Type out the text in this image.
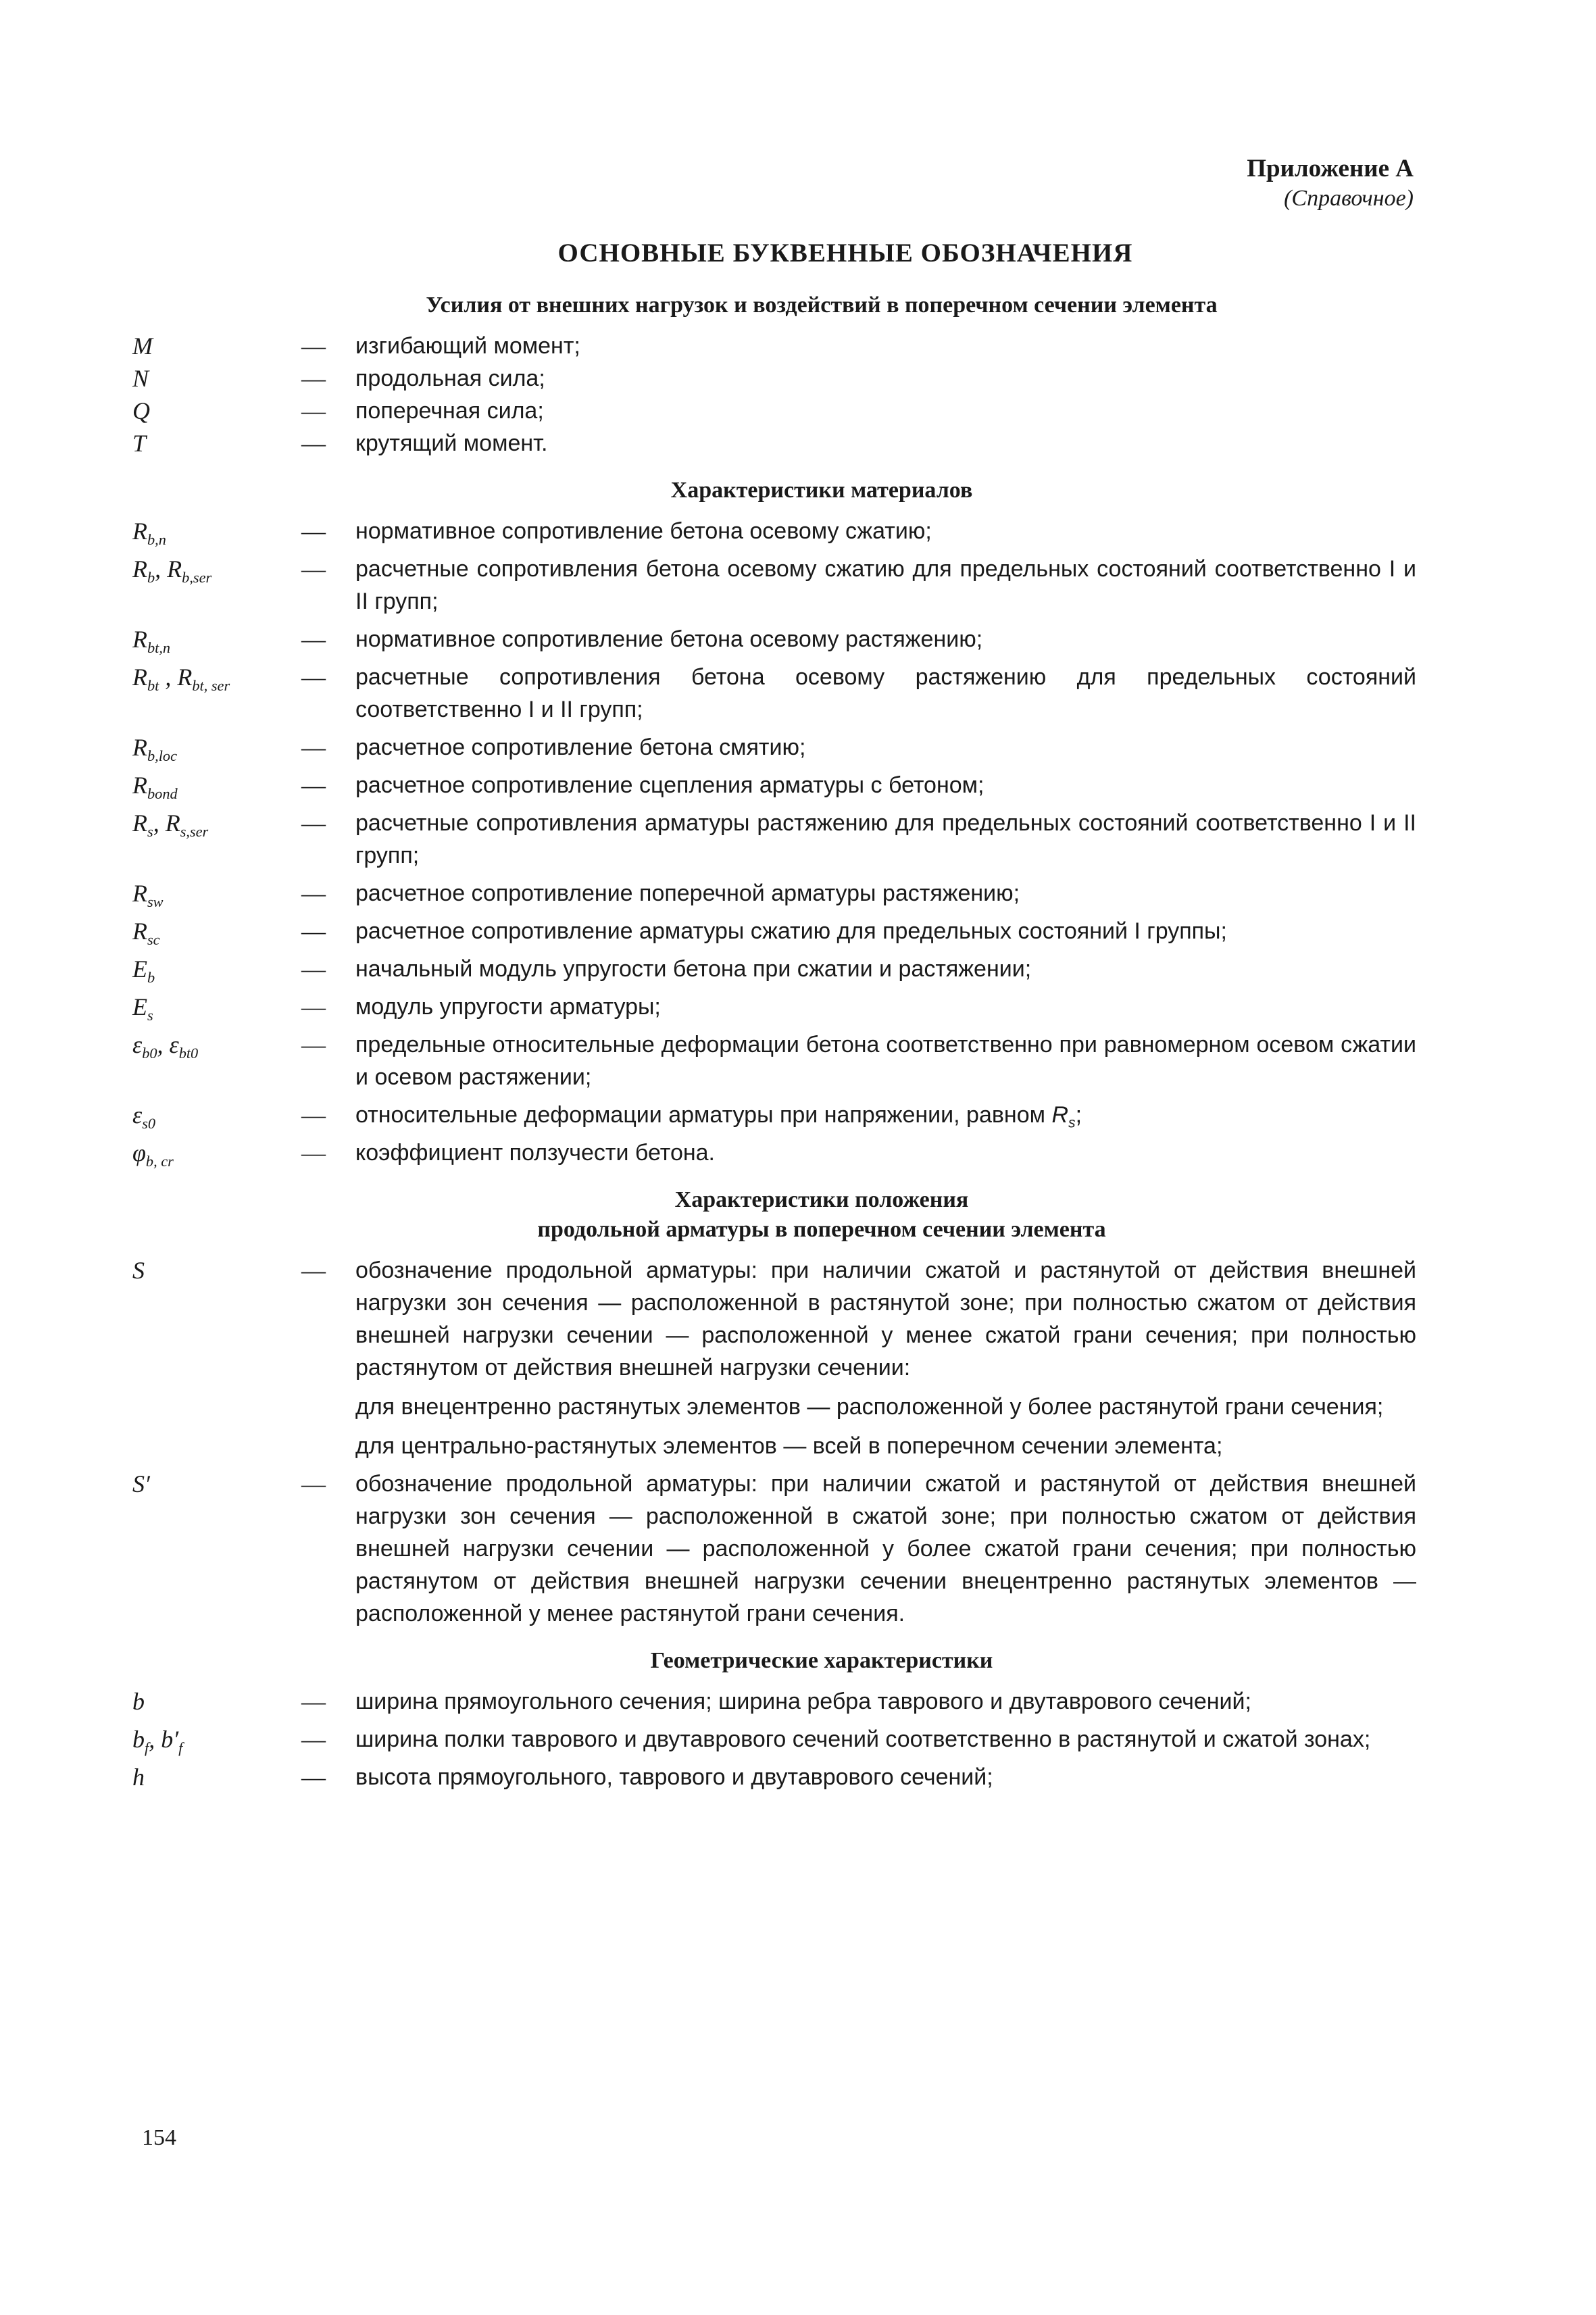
Приложение А
(Справочное)
ОСНОВНЫЕ БУКВЕННЫЕ ОБОЗНАЧЕНИЯ
Усилия от внешних нагрузок и воздействий в поперечном сечении элемента
M	—	изгибающий момент;
N	—	продольная сила;
Q	—	поперечная сила;
T	—	крутящий момент.
Характеристики материалов
$R_{b,n}$	—	нормативное сопротивление бетона осевому сжатию;
$R_b$, $R_{b,ser}$	—	расчетные сопротивления бетона осевому сжатию для предельных состояний соответственно I и II групп;
$R_{bt,n}$	—	нормативное сопротивление бетона осевому растяжению;
$R_{bt}$ , $R_{bt, ser}$	—	расчетные сопротивления бетона осевому растяжению для предельных состояний соответственно I и II групп;
$R_{b,loc}$	—	расчетное сопротивление бетона смятию;
$R_{bond}$	—	расчетное сопротивление сцепления арматуры с бетоном;
$R_s$, $R_{s,ser}$	—	расчетные сопротивления арматуры растяжению для предельных состояний соответственно I и II групп;
$R_{sw}$	—	расчетное сопротивление поперечной арматуры растяжению;
$R_{sc}$	—	расчетное сопротивление арматуры сжатию для предельных состояний I группы;
$E_b$	—	начальный модуль упругости бетона при сжатии и растяжении;
$E_s$	—	модуль упругости арматуры;
$\varepsilon_{b0}$, $\varepsilon_{bt0}$	—	предельные относительные деформации бетона соответственно при равномерном осевом сжатии и осевом растяжении;
$\varepsilon_{s0}$	—	относительные деформации арматуры при напряжении, равном $R_s$;
$\varphi_{b, cr}$	—	коэффициент ползучести бетона.
Характеристики положения
продольной арматуры в поперечном сечении элемента
S	—	обозначение продольной арматуры: при наличии сжатой и растянутой от действия внешней нагрузки зон сечения — расположенной в растянутой зоне; при полностью сжатом от действия внешней нагрузки сечении — расположенной у менее сжатой грани сечения; при полностью растянутом от действия внешней нагрузки сечении:
для внецентренно растянутых элементов — расположенной у более растянутой грани сечения;
для центрально-растянутых элементов — всей в поперечном сечении элемента;
S′	—	обозначение продольной арматуры: при наличии сжатой и растянутой от действия внешней нагрузки зон сечения — расположенной в сжатой зоне; при полностью сжатом от действия внешней нагрузки сечении — расположенной у более сжатой грани сечения; при полностью растянутом от действия внешней нагрузки сечении внецентренно растянутых элементов — расположенной у менее растянутой грани сечения.
Геометрические характеристики
b	—	ширина прямоугольного сечения; ширина ребра таврового и двутаврового сечений;
$b_f$, $b'_f$	—	ширина полки таврового и двутаврового сечений соответственно в растянутой и сжатой зонах;
h	—	высота прямоугольного, таврового и двутаврового сечений;
154
